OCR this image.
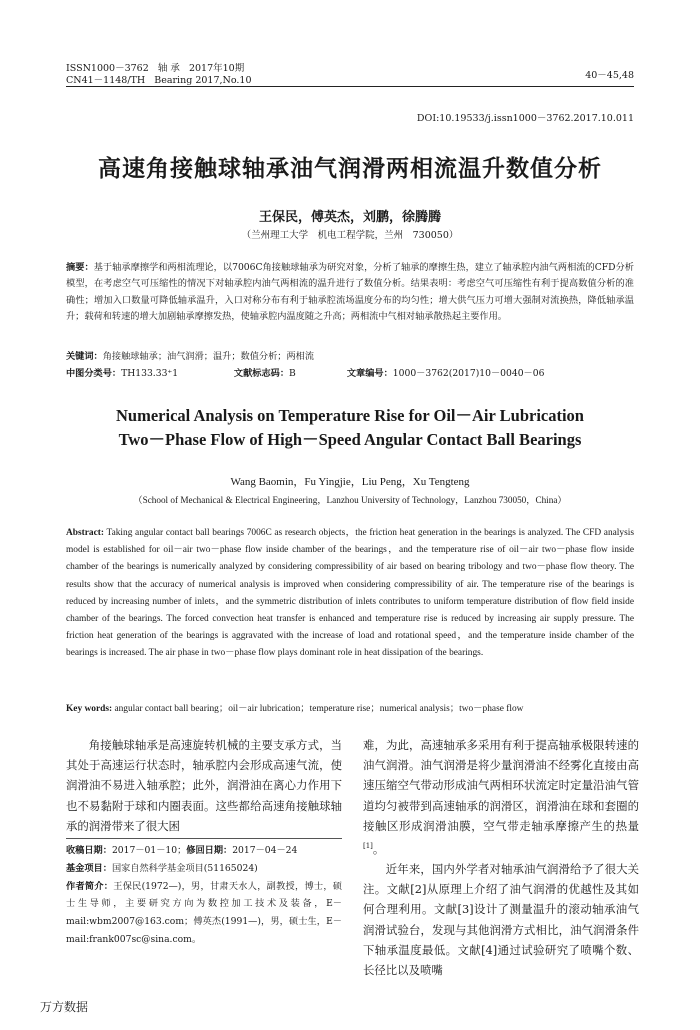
ISSN1000－3762 轴 承 2017年10期
CN41－1148/TH Bearing 2017,No.10	40－45,48
DOI:10.19533/j.issn1000－3762.2017.10.011
高速角接触球轴承油气润滑两相流温升数值分析
王保民，傅英杰，刘鹏，徐腾腾
（兰州理工大学　机电工程学院，兰州　730050）
摘要：基于轴承摩擦学和两相流理论，以7006C角接触球轴承为研究对象，分析了轴承的摩擦生热，建立了轴承腔内油气两相流的CFD分析模型，在考虑空气可压缩性的情况下对轴承腔内油气两相流的温升进行了数值分析。结果表明：考虑空气可压缩性有利于提高数值分析的准确性；增加入口数量可降低轴承温升，入口对称分布有利于轴承腔流场温度分布的均匀性；增大供气压力可增大强制对流换热，降低轴承温升；载荷和转速的增大加剧轴承摩擦发热，使轴承腔内温度随之升高；两相流中气相对轴承散热起主要作用。
关键词：角接触球轴承；油气润滑；温升；数值分析；两相流
中图分类号：TH133.33⁺1	文献标志码：B	文章编号：1000－3762(2017)10－0040－06
Numerical Analysis on Temperature Rise for Oil－Air Lubrication
Two－Phase Flow of High－Speed Angular Contact Ball Bearings
Wang Baomin，Fu Yingjie，Liu Peng，Xu Tengteng
（School of Mechanical & Electrical Engineering，Lanzhou University of Technology，Lanzhou 730050，China）
Abstract: Taking angular contact ball bearings 7006C as research objects，the friction heat generation in the bearings is analyzed. The CFD analysis model is established for oil－air two－phase flow inside chamber of the bearings，and the temperature rise of oil－air two－phase flow inside chamber of the bearings is numerically analyzed by considering compressibility of air based on bearing tribology and two－phase flow theory. The results show that the accuracy of numerical analysis is improved when considering compressibility of air. The temperature rise of the bearings is reduced by increasing number of inlets，and the symmetric distribution of inlets contributes to uniform temperature distribution of flow field inside chamber of the bearings. The forced convection heat transfer is enhanced and temperature rise is reduced by increasing air supply pressure. The friction heat generation of the bearings is aggravated with the increase of load and rotational speed，and the temperature inside chamber of the bearings is increased. The air phase in two－phase flow plays dominant role in heat dissipation of the bearings.
Key words: angular contact ball bearing；oil－air lubrication；temperature rise；numerical analysis；two－phase flow
角接触球轴承是高速旋转机械的主要支承方式，当其处于高速运行状态时，轴承腔内会形成高速气流，使润滑油不易进入轴承腔；此外，润滑油在离心力作用下也不易黏附于球和内圈表面。这些都给高速角接触球轴承的润滑带来了很大困
收稿日期：2017－01－10；修回日期：2017－04－24
基金项目：国家自然科学基金项目(51165024)
作者简介：王保民(1972—)，男，甘肃天水人，副教授，博士，硕士生导师，主要研究方向为数控加工技术及装备，E－mail:wbm2007@163.com；傅英杰(1991—)，男，硕士生，E－mail:frank007sc@sina.com。
难，为此，高速轴承多采用有利于提高轴承极限转速的油气润滑。油气润滑是将少量润滑油不经雾化直接由高速压缩空气带动形成油气两相环状流定时定量沿油气管道均匀被带到高速轴承的润滑区，润滑油在球和套圈的接触区形成润滑油膜，空气带走轴承摩擦产生的热量[1]。
近年来，国内外学者对轴承油气润滑给予了很大关注。文献[2]从原理上介绍了油气润滑的优越性及其如何合理利用。文献[3]设计了测量温升的滚动轴承油气润滑试验台，发现与其他润滑方式相比，油气润滑条件下轴承温度最低。文献[4]通过试验研究了喷嘴个数、长径比以及喷嘴
万方数据
